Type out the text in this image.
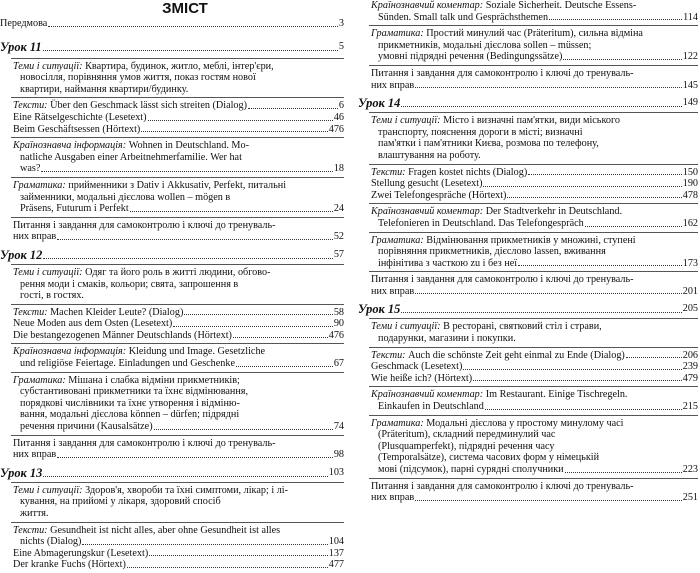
ЗМІСТ
Передмова	3
Урок 11	5
Теми і ситуації: Квартира, будинок, житло, меблі, інтер'єри,
новосілля, порівняння умов життя, показ гостям нової
квартири, наймання квартири/будинку.
Тексти:
Über den Geschmack lässt sich streiten (Dialog)	6
Eine Rätselgeschichte (Lesetext)	46
Beim Geschäftsessen (Hörtext)	476
Країнознавча інформація: Wohnen in Deutschland. Mo-
natliche Ausgaben einer Arbeitnehmerfamilie. Wer hat
was?	18
Граматика: прийменники з Dativ і Akkusativ, Perfekt, питальні
займенники, модальні дієслова wollen – mögen в
Präsens, Futurum і Perfekt	24
Питання і завдання для самоконтролю і ключі до тренуваль-
них вправ	52
Урок 12	57
Теми і ситуації: Одяг та його роль в житті людини, обгово-
рення моди і смаків, кольори; свята, запрошення в
гості, в гостях.
Тексти:
Machen Kleider Leute? (Dialog)	58
Neue Moden aus dem Osten (Lesetext)	90
Die bestangezogenen Männer Deutschlands (Hörtext)	476
Країнознавча інформація: Kleidung und Image. Gesetzliche
und religiöse Feiertage. Einladungen und Geschenke	67
Граматика: Мішана і слабка відміни прикметників;
субстантивовані прикметники та їхнє відмінювання,
порядкові числівники та їхнє утворення і відміню-
вання, модальні дієслова können – dürfen; підрядні
речення причини (Kausalsätze)	74
Питання і завдання для самоконтролю і ключі до тренуваль-
них вправ	98
Урок 13	103
Теми і ситуації: Здоров'я, хвороби та їхні симптоми, лікар; і лі-
кування, на прийомі у лікаря, здоровий спосіб
життя.
Тексти: Gesundheit ist nicht alles, aber ohne Gesundheit ist alles
nichts (Dialog)	104
Eine Abmagerungskur (Lesetext)	137
Der kranke Fuchs (Hörtext)	477
Країнознавчий коментар: Soziale Sicherheit. Deutsche Essens-
Sünden. Small talk und Gesprächsthemen	114
Граматика: Простий минулий час (Präteritum), сильна відміна
прикметників, модальні дієслова sollen – müssen;
умовні підрядні речення (Bedingungssätze)	122
Питання і завдання для самоконтролю і ключі до тренуваль-
них вправ	145
Урок 14	149
Теми і ситуації: Місто і визначні пам'ятки, види міського
транспорту, пояснення дороги в місті; визначні
пам'ятки і пам'ятники Києва, розмова по телефону,
влаштування на роботу.
Тексти:
Fragen kostet nichts (Dialog)	150
Stellung gesucht (Lesetext)	190
Zwei Telefongespräche (Hörtext)	478
Країнознавчий коментар: Der Stadtverkehr in Deutschland.
Telefonieren in Deutschland. Das Telefongespräch	162
Граматика: Відмінювання прикметників у множині, ступені
порівняння прикметників, дієслово lassen, вживання
інфінітива з часткою zu і без неї	173
Питання і завдання для самоконтролю і ключі до тренуваль-
них вправ	201
Урок 15	205
Теми і ситуації: В ресторані, святковий стіл і страви,
подарунки, магазини і покупки.
Тексти:
Auch die schönste Zeit geht einmal zu Ende (Dialog)	206
Geschmack (Lesetext)	239
Wie heiße ich? (Hörtext)	479
Країнознавчий коментар: Im Restaurant. Einige Tischregeln.
Einkaufen in Deutschland	215
Граматика: Модальні дієслова у простому минулому часі
(Präteritum), складний передминулий час
(Plusquamperfekt), підрядні речення часу
(Temporalsätze), система часових форм у німецькій
мові (підсумок), парні сурядні сполучники	223
Питання і завдання для самоконтролю і ключі до тренуваль-
них вправ	251
